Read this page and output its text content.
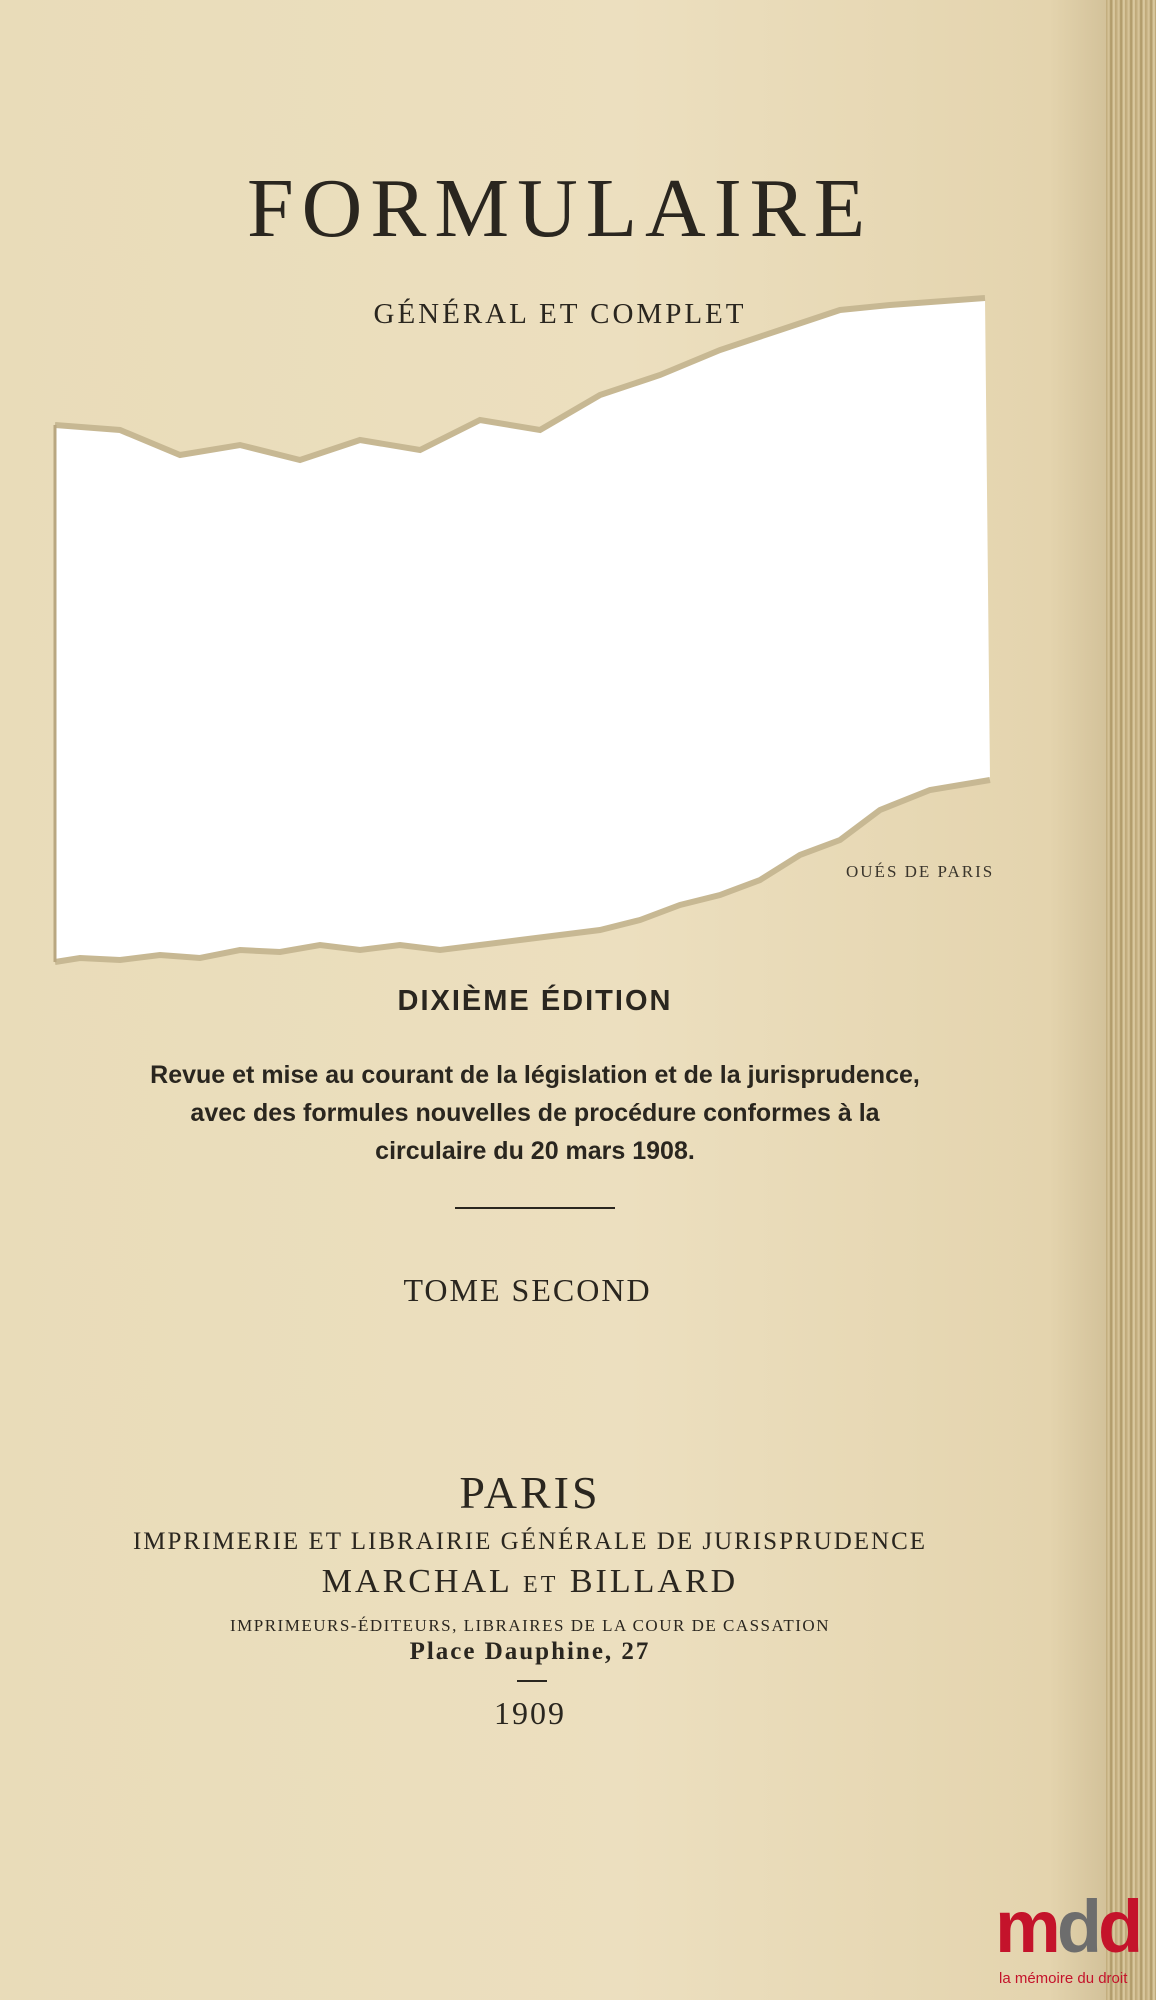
FORMULAIRE
GÉNÉRAL ET COMPLET
OUÉS DE PARIS
DIXIÈME ÉDITION
Revue et mise au courant de la législation et de la jurisprudence,
avec des formules nouvelles de procédure conformes à la
circulaire du 20 mars 1908.
TOME SECOND
PARIS
IMPRIMERIE ET LIBRAIRIE GÉNÉRALE DE JURISPRUDENCE
MARCHAL ET BILLARD
IMPRIMEURS-ÉDITEURS, LIBRAIRES DE LA COUR DE CASSATION
Place Dauphine, 27
1909
mdd
la mémoire du droit
